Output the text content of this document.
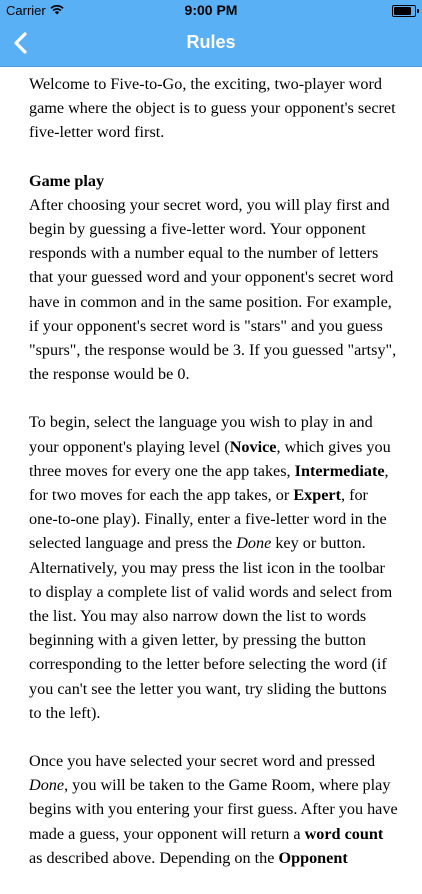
Carrier	9:00 PM
Rules

Welcome to Five-to-Go, the exciting, two-player word game where the object is to guess your opponent's secret five-letter word first.

Game play

After choosing your secret word, you will play first and begin by guessing a five-letter word. Your opponent responds with a number equal to the number of letters that your guessed word and your opponent's secret word have in common and in the same position. For example, if your opponent's secret word is "stars" and you guess "spurs", the response would be 3. If you guessed "artsy", the response would be 0.

To begin, select the language you wish to play in and your opponent's playing level (Novice, which gives you three moves for every one the app takes, Intermediate, for two moves for each the app takes, or Expert, for one-to-one play). Finally, enter a five-letter word in the selected language and press the Done key or button. Alternatively, you may press the list icon in the toolbar to display a complete list of valid words and select from the list. You may also narrow down the list to words beginning with a given letter, by pressing the button corresponding to the letter before selecting the word (if you can't see the letter you want, try sliding the buttons to the left).

Once you have selected your secret word and pressed Done, you will be taken to the Game Room, where play begins with you entering your first guess. After you have made a guess, your opponent will return a word count as described above. Depending on the Opponent
